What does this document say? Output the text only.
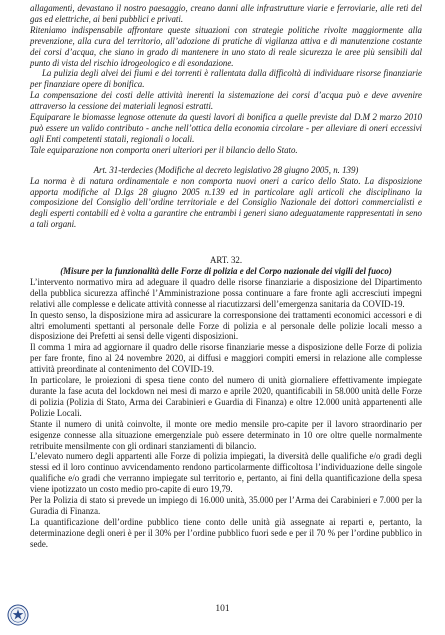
allagamenti, devastano il nostro paesaggio, creano danni alle infrastrutture viarie e ferroviarie, alle reti del gas ed elettriche, ai beni pubblici e privati.

Riteniamo indispensabile affrontare queste situazioni con strategie politiche rivolte maggiormente alla prevenzione, alla cura del territorio, all’adozione di pratiche di vigilanza attiva e di manutenzione costante dei corsi d’acqua, che siano in grado di mantenere in uno stato di reale sicurezza le aree più sensibili dal punto di vista del rischio idrogeologico e di esondazione.

La pulizia degli alvei dei fiumi e dei torrenti è rallentata dalla difficoltà di individuare risorse finanziarie per finanziare opere di bonifica.

La compensazione dei costi delle attività inerenti la sistemazione dei corsi d’acqua può e deve avvenire attraverso la cessione dei materiali legnosi estratti.

Equiparare le biomasse legnose ottenute da questi lavori di bonifica a quelle previste dal D.M 2 marzo 2010 può essere un valido contributo - anche nell’ottica della economia circolare - per alleviare di oneri eccessivi agli Enti competenti statali, regionali o locali.

Tale equiparazione non comporta oneri ulteriori per il bilancio dello Stato.

Art. 31-terdecies (Modifiche al decreto legislativo 28 giugno 2005, n. 139)

La norma è di natura ordinamentale e non comporta nuovi oneri a carico dello Stato. La disposizione apporta modifiche al D.lgs 28 giugno 2005 n.139 ed in particolare agli articoli che disciplinano la composizione del Consiglio dell’ordine territoriale e del Consiglio Nazionale dei dottori commercialisti e degli esperti contabili ed è volta a garantire che entrambi i generi siano adeguatamente rappresentati in seno a tali organi.

ART. 32.

(Misure per la funzionalità delle Forze di polizia e del Corpo nazionale dei vigili del fuoco)

L’intervento normativo mira ad adeguare il quadro delle risorse finanziarie a disposizione del Dipartimento della pubblica sicurezza affinché l’Amministrazione possa continuare a fare fronte agli accresciuti impegni relativi alle complesse e delicate attività connesse al riacutizzarsi dell’emergenza sanitaria da COVID-19.

In questo senso, la disposizione mira ad assicurare la corresponsione dei trattamenti economici accessori e di altri emolumenti spettanti al personale delle Forze di polizia e al personale delle polizie locali messo a disposizione dei Prefetti ai sensi delle vigenti disposizioni.

Il comma 1 mira ad aggiornare il quadro delle risorse finanziarie messe a disposizione delle Forze di polizia per fare fronte, fino al 24 novembre 2020, ai diffusi e maggiori compiti emersi in relazione alle complesse attività preordinate al contenimento del COVID-19.

In particolare, le proiezioni di spesa tiene conto del numero di unità giornaliere effettivamente impiegate durante la fase acuta del lockdown nei mesi di marzo e aprile 2020, quantificabili in 58.000 unità delle Forze di polizia (Polizia di Stato, Arma dei Carabinieri e Guardia di Finanza) e oltre 12.000 unità appartenenti alle Polizie Locali.

Stante il numero di unità coinvolte, il monte ore medio mensile pro-capite per il lavoro straordinario per esigenze connesse alla situazione emergenziale può essere determinato in 10 ore oltre quelle normalmente retribuite mensilmente con gli ordinari stanziamenti di bilancio.

L’elevato numero degli appartenti alle Forze di polizia impiegati, la diversità delle qualifiche e/o gradi degli stessi ed il loro continuo avvicendamento rendono particolarmente difficoltosa l’individuazione delle singole qualifiche e/o gradi che verranno impiegate sul territorio e, pertanto, ai fini della quantificazione della spesa viene ipotizzato un costo medio pro-capite di euro 19,79.

Per la Polizia di stato si prevede un impiego di 16.000 unità, 35.000 per l’Arma dei Carabinieri e 7.000 per la Guradia di Finanza.

La quantificazione dell’ordine pubblico tiene conto delle unità già assegnate ai reparti e, pertanto, la determinazione degli oneri è per il 30% per l’ordine pubblico fuori sede e per il 70 % per l’ordine pubblico in sede.

101
